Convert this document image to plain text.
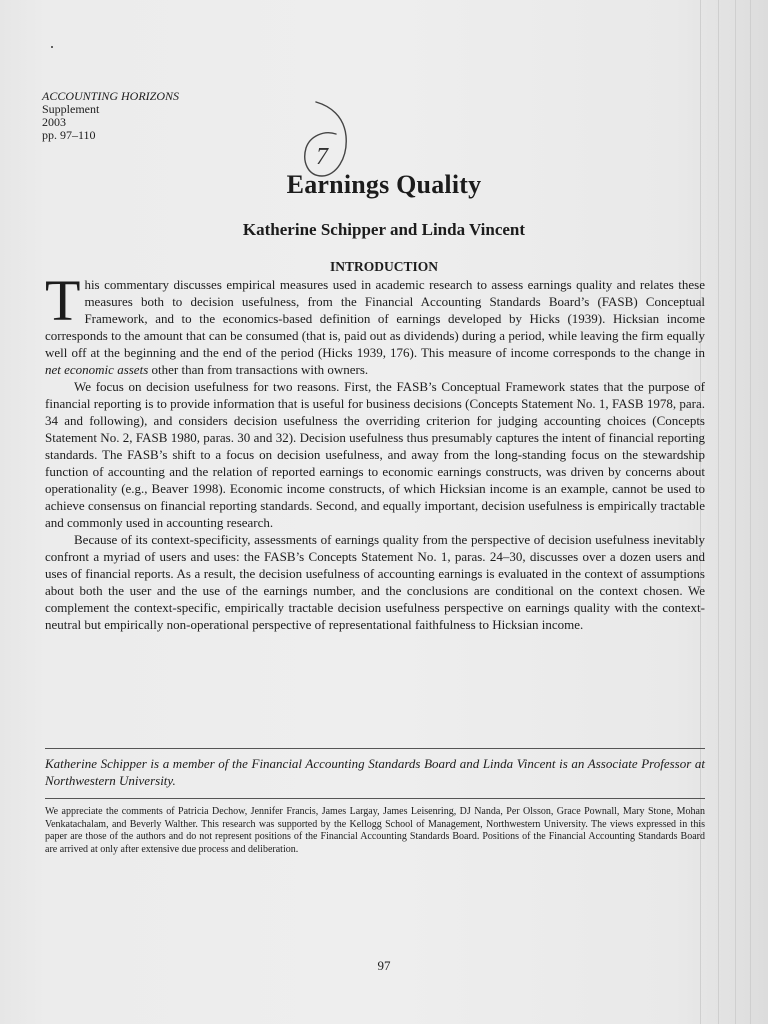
ACCOUNTING HORIZONS
Supplement
2003
pp. 97–110
7
Earnings Quality
Katherine Schipper and Linda Vincent
INTRODUCTION

This commentary discusses empirical measures used in academic research to assess earnings quality and relates these measures both to decision usefulness, from the Financial Accounting Standards Board’s (FASB) Conceptual Framework, and to the economics-based definition of earnings developed by Hicks (1939). Hicksian income corresponds to the amount that can be consumed (that is, paid out as dividends) during a period, while leaving the firm equally well off at the beginning and the end of the period (Hicks 1939, 176). This measure of income corresponds to the change in net economic assets other than from transactions with owners.

We focus on decision usefulness for two reasons. First, the FASB’s Conceptual Framework states that the purpose of financial reporting is to provide information that is useful for business decisions (Concepts Statement No. 1, FASB 1978, para. 34 and following), and considers decision usefulness the overriding criterion for judging accounting choices (Concepts Statement No. 2, FASB 1980, paras. 30 and 32). Decision usefulness thus presumably captures the intent of financial reporting standards. The FASB’s shift to a focus on decision usefulness, and away from the long-standing focus on the stewardship function of accounting and the relation of reported earnings to economic earnings constructs, was driven by concerns about operationality (e.g., Beaver 1998). Economic income constructs, of which Hicksian income is an example, cannot be used to achieve consensus on financial reporting standards. Second, and equally important, decision usefulness is empirically tractable and commonly used in accounting research.

Because of its context-specificity, assessments of earnings quality from the perspective of decision usefulness inevitably confront a myriad of users and uses: the FASB’s Concepts Statement No. 1, paras. 24–30, discusses over a dozen users and uses of financial reports. As a result, the decision usefulness of accounting earnings is evaluated in the context of assumptions about both the user and the use of the earnings number, and the conclusions are conditional on the context chosen. We complement the context-specific, empirically tractable decision usefulness perspective on earnings quality with the context-neutral but empirically non-operational perspective of representational faithfulness to Hicksian income.

Katherine Schipper is a member of the Financial Accounting Standards Board and Linda Vincent is an Associate Professor at Northwestern University.
We appreciate the comments of Patricia Dechow, Jennifer Francis, James Largay, James Leisenring, DJ Nanda, Per Olsson, Grace Pownall, Mary Stone, Mohan Venkatachalam, and Beverly Walther. This research was supported by the Kellogg School of Management, Northwestern University. The views expressed in this paper are those of the authors and do not represent positions of the Financial Accounting Standards Board. Positions of the Financial Accounting Standards Board are arrived at only after extensive due process and deliberation.
97
